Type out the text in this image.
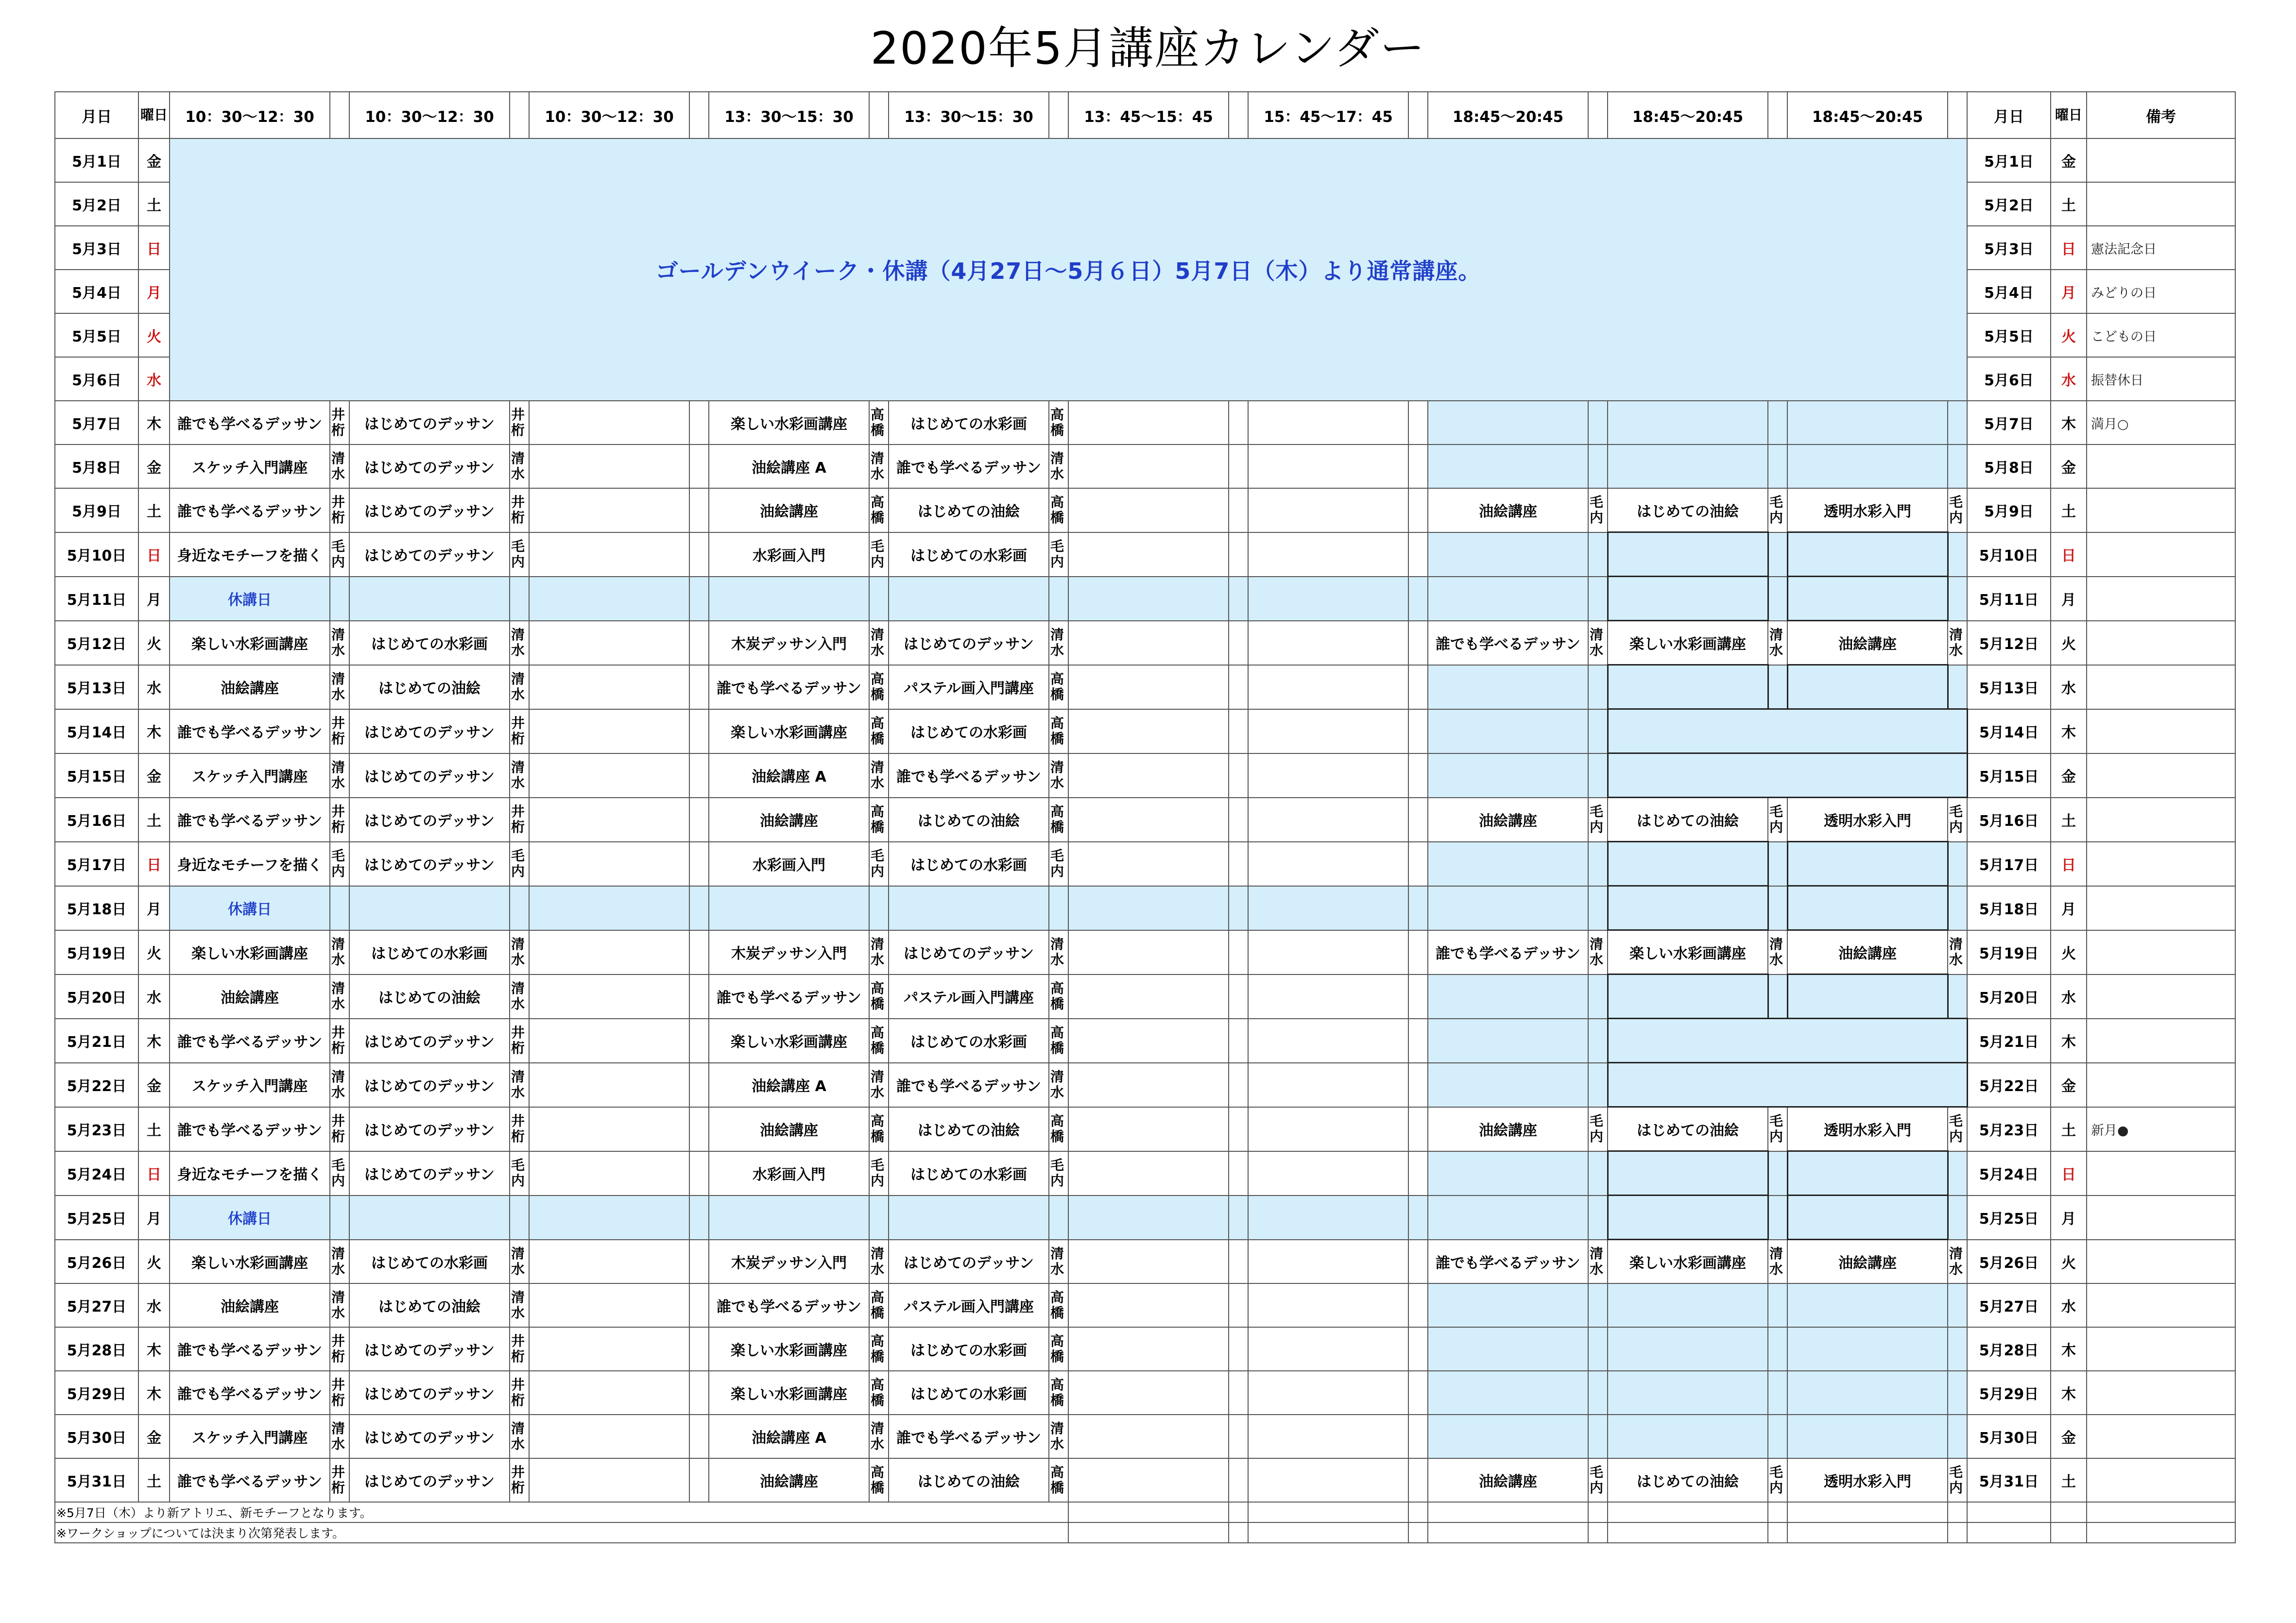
2020年5月講座カレンダー
月日	曜日	10：30〜12：30		10：30〜12：30		10：30〜12：30		13：30〜15：30		13：30〜15：30		13：45〜15：45		15：45〜17：45		18:45〜20:45		18:45〜20:45		18:45〜20:45		月日	曜日	備考
5月1日	金	ゴールデンウイーク・休講（4月27日〜5月６日）5月7日（木）より通常講座。																				5月1日	金	
5月2日	土																					5月2日	土	
5月3日	日																					5月3日	日	憲法記念日
5月4日	月																					5月4日	月	みどりの日
5月5日	火																					5月5日	火	こどもの日
5月6日	水																					5月6日	水	振替休日
5月7日	木	誰でも学べるデッサン	井桁	はじめてのデッサン	井桁			楽しい水彩画講座	高橋	はじめての水彩画	高橋											5月7日	木	満月○
5月8日	金	スケッチ入門講座	清水	はじめてのデッサン	清水			油絵講座 A	清水	誰でも学べるデッサン	清水											5月8日	金	
5月9日	土	誰でも学べるデッサン	井桁	はじめてのデッサン	井桁			油絵講座	高橋	はじめての油絵	高橋					油絵講座	毛内	はじめての油絵	毛内	透明水彩入門	毛内	5月9日	土	
5月10日	日	身近なモチーフを描く	毛内	はじめてのデッサン	毛内			水彩画入門	毛内	はじめての水彩画	毛内											5月10日	日	
5月11日	月	休講日																				5月11日	月	
5月12日	火	楽しい水彩画講座	清水	はじめての水彩画	清水			木炭デッサン入門	清水	はじめてのデッサン	清水					誰でも学べるデッサン	清水	楽しい水彩画講座	清水	油絵講座	清水	5月12日	火	
5月13日	水	油絵講座	清水	はじめての油絵	清水			誰でも学べるデッサン	高橋	パステル画入門講座	高橋											5月13日	水	
5月14日	木	誰でも学べるデッサン	井桁	はじめてのデッサン	井桁			楽しい水彩画講座	高橋	はじめての水彩画	高橋											5月14日	木	
5月15日	金	スケッチ入門講座	清水	はじめてのデッサン	清水			油絵講座 A	清水	誰でも学べるデッサン	清水											5月15日	金	
5月16日	土	誰でも学べるデッサン	井桁	はじめてのデッサン	井桁			油絵講座	高橋	はじめての油絵	高橋					油絵講座	毛内	はじめての油絵	毛内	透明水彩入門	毛内	5月16日	土	
5月17日	日	身近なモチーフを描く	毛内	はじめてのデッサン	毛内			水彩画入門	毛内	はじめての水彩画	毛内											5月17日	日	
5月18日	月	休講日																				5月18日	月	
5月19日	火	楽しい水彩画講座	清水	はじめての水彩画	清水			木炭デッサン入門	清水	はじめてのデッサン	清水					誰でも学べるデッサン	清水	楽しい水彩画講座	清水	油絵講座	清水	5月19日	火	
5月20日	水	油絵講座	清水	はじめての油絵	清水			誰でも学べるデッサン	高橋	パステル画入門講座	高橋											5月20日	水	
5月21日	木	誰でも学べるデッサン	井桁	はじめてのデッサン	井桁			楽しい水彩画講座	高橋	はじめての水彩画	高橋											5月21日	木	
5月22日	金	スケッチ入門講座	清水	はじめてのデッサン	清水			油絵講座 A	清水	誰でも学べるデッサン	清水											5月22日	金	
5月23日	土	誰でも学べるデッサン	井桁	はじめてのデッサン	井桁			油絵講座	高橋	はじめての油絵	高橋					油絵講座	毛内	はじめての油絵	毛内	透明水彩入門	毛内	5月23日	土	新月●
5月24日	日	身近なモチーフを描く	毛内	はじめてのデッサン	毛内			水彩画入門	毛内	はじめての水彩画	毛内											5月24日	日	
5月25日	月	休講日																				5月25日	月	
5月26日	火	楽しい水彩画講座	清水	はじめての水彩画	清水			木炭デッサン入門	清水	はじめてのデッサン	清水					誰でも学べるデッサン	清水	楽しい水彩画講座	清水	油絵講座	清水	5月26日	火	
5月27日	水	油絵講座	清水	はじめての油絵	清水			誰でも学べるデッサン	高橋	パステル画入門講座	高橋											5月27日	水	
5月28日	木	誰でも学べるデッサン	井桁	はじめてのデッサン	井桁			楽しい水彩画講座	高橋	はじめての水彩画	高橋											5月28日	木	
5月29日	木	誰でも学べるデッサン	井桁	はじめてのデッサン	井桁			楽しい水彩画講座	高橋	はじめての水彩画	高橋											5月29日	木	
5月30日	金	スケッチ入門講座	清水	はじめてのデッサン	清水			油絵講座 A	清水	誰でも学べるデッサン	清水											5月30日	金	
5月31日	土	誰でも学べるデッサン	井桁	はじめてのデッサン	井桁			油絵講座	高橋	はじめての油絵	高橋					油絵講座	毛内	はじめての油絵	毛内	透明水彩入門	毛内	5月31日	土	
※5月7日（木）より新アトリエ、新モチーフとなります。																								
※ワークショップについては決まり次第発表します。																								
